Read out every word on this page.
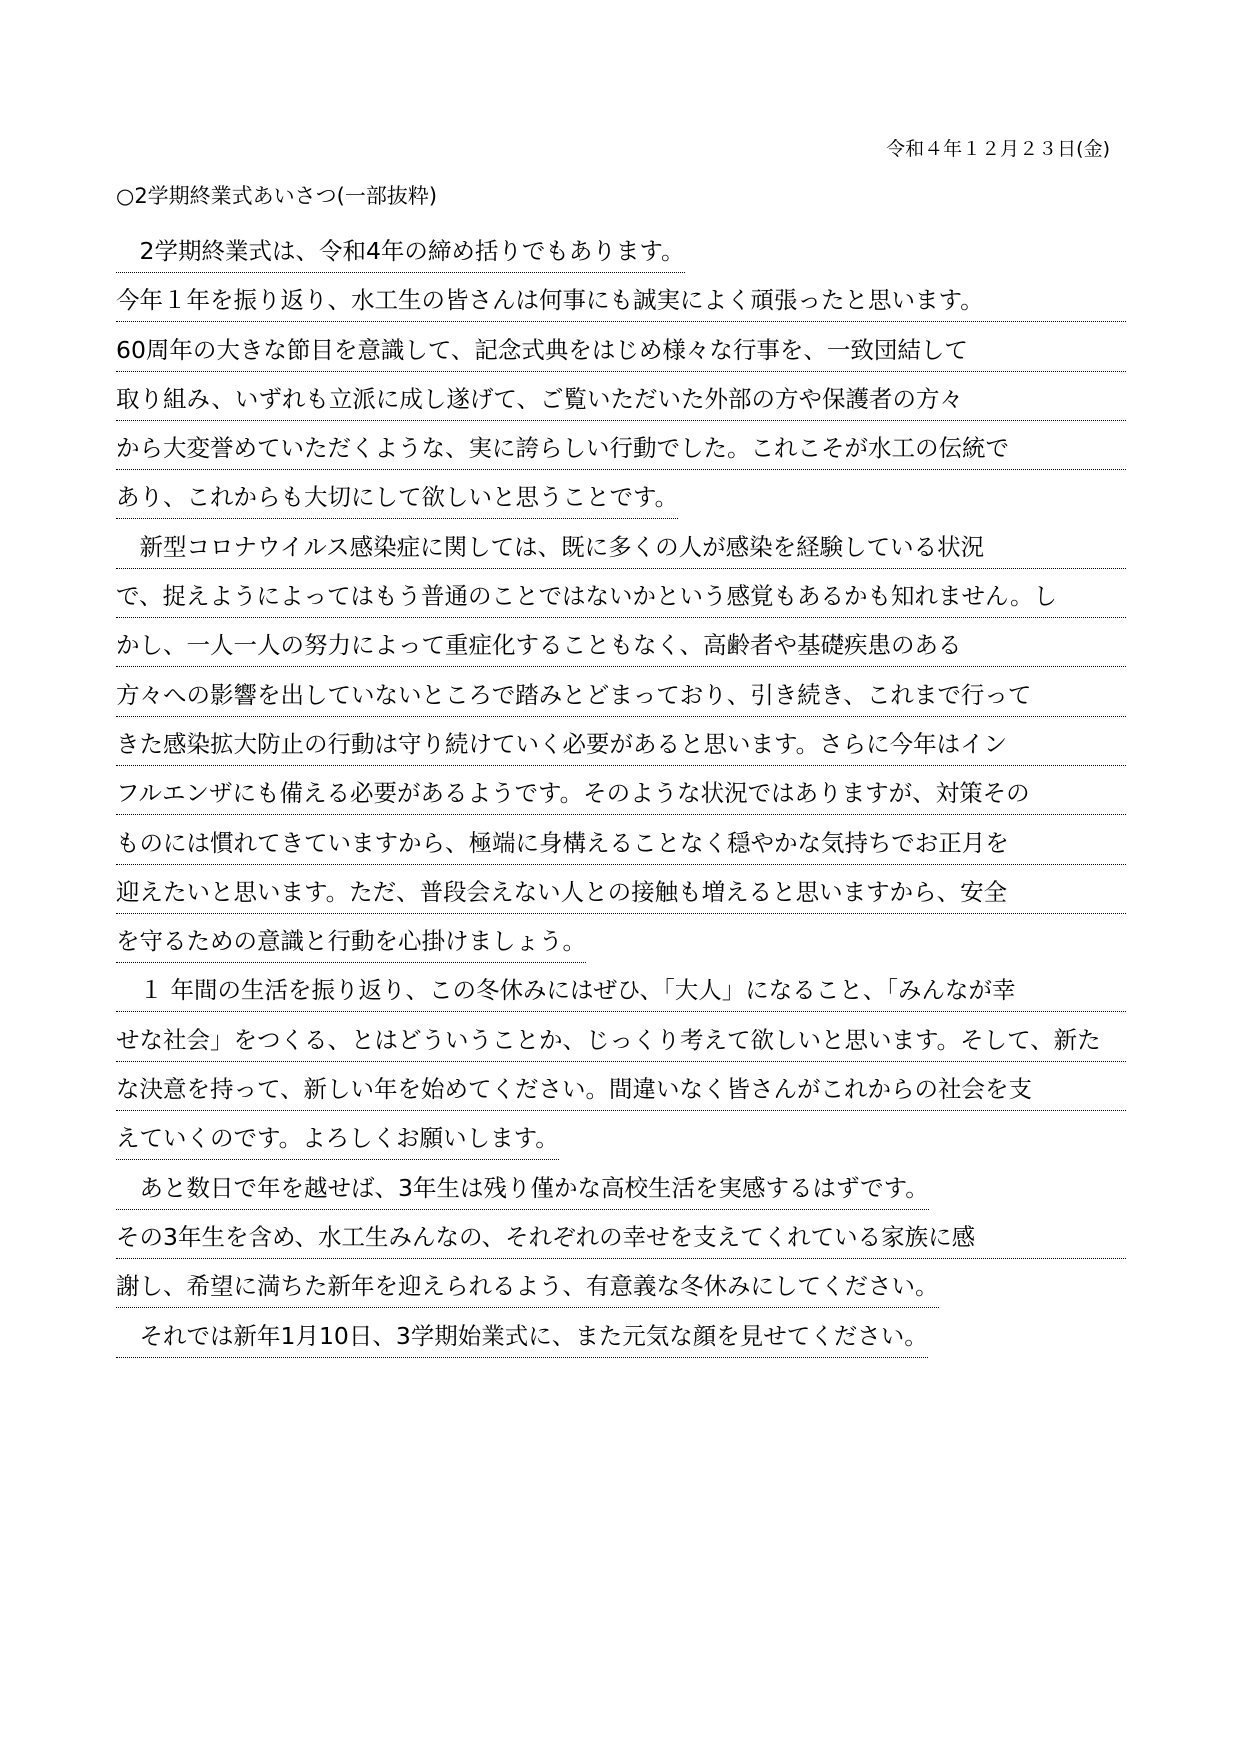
令和４年１２月２３日(金)
○2学期終業式あいさつ(一部抜粋)
　2学期終業式は、令和4年の締め括りでもあります。
今年１年を振り返り、水工生の皆さんは何事にも誠実によく頑張ったと思います。
60周年の大きな節目を意識して、記念式典をはじめ様々な行事を、一致団結して
取り組み、いずれも立派に成し遂げて、ご覧いただいた外部の方や保護者の方々
から大変誉めていただくような、実に誇らしい行動でした。これこそが水工の伝統で
あり、これからも大切にして欲しいと思うことです。
　新型コロナウイルス感染症に関しては、既に多くの人が感染を経験している状況
で、捉えようによってはもう普通のことではないかという感覚もあるかも知れません。し
かし、一人一人の努力によって重症化することもなく、高齢者や基礎疾患のある
方々への影響を出していないところで踏みとどまっており、引き続き、これまで行って
きた感染拡大防止の行動は守り続けていく必要があると思います。さらに今年はイン
フルエンザにも備える必要があるようです。そのような状況ではありますが、対策その
ものには慣れてきていますから、極端に身構えることなく穏やかな気持ちでお正月を
迎えたいと思います。ただ、普段会えない人との接触も増えると思いますから、安全
を守るための意識と行動を心掛けましょう。
　１ 年間の生活を振り返り、この冬休みにはぜひ、「大人」になること、「みんなが幸
せな社会」をつくる、とはどういうことか、じっくり考えて欲しいと思います。そして、新た
な決意を持って、新しい年を始めてください。間違いなく皆さんがこれからの社会を支
えていくのです。よろしくお願いします。
　あと数日で年を越せば、3年生は残り僅かな高校生活を実感するはずです。
その3年生を含め、水工生みんなの、それぞれの幸せを支えてくれている家族に感
謝し、希望に満ちた新年を迎えられるよう、有意義な冬休みにしてください。
　それでは新年1月10日、3学期始業式に、また元気な顔を見せてください。
